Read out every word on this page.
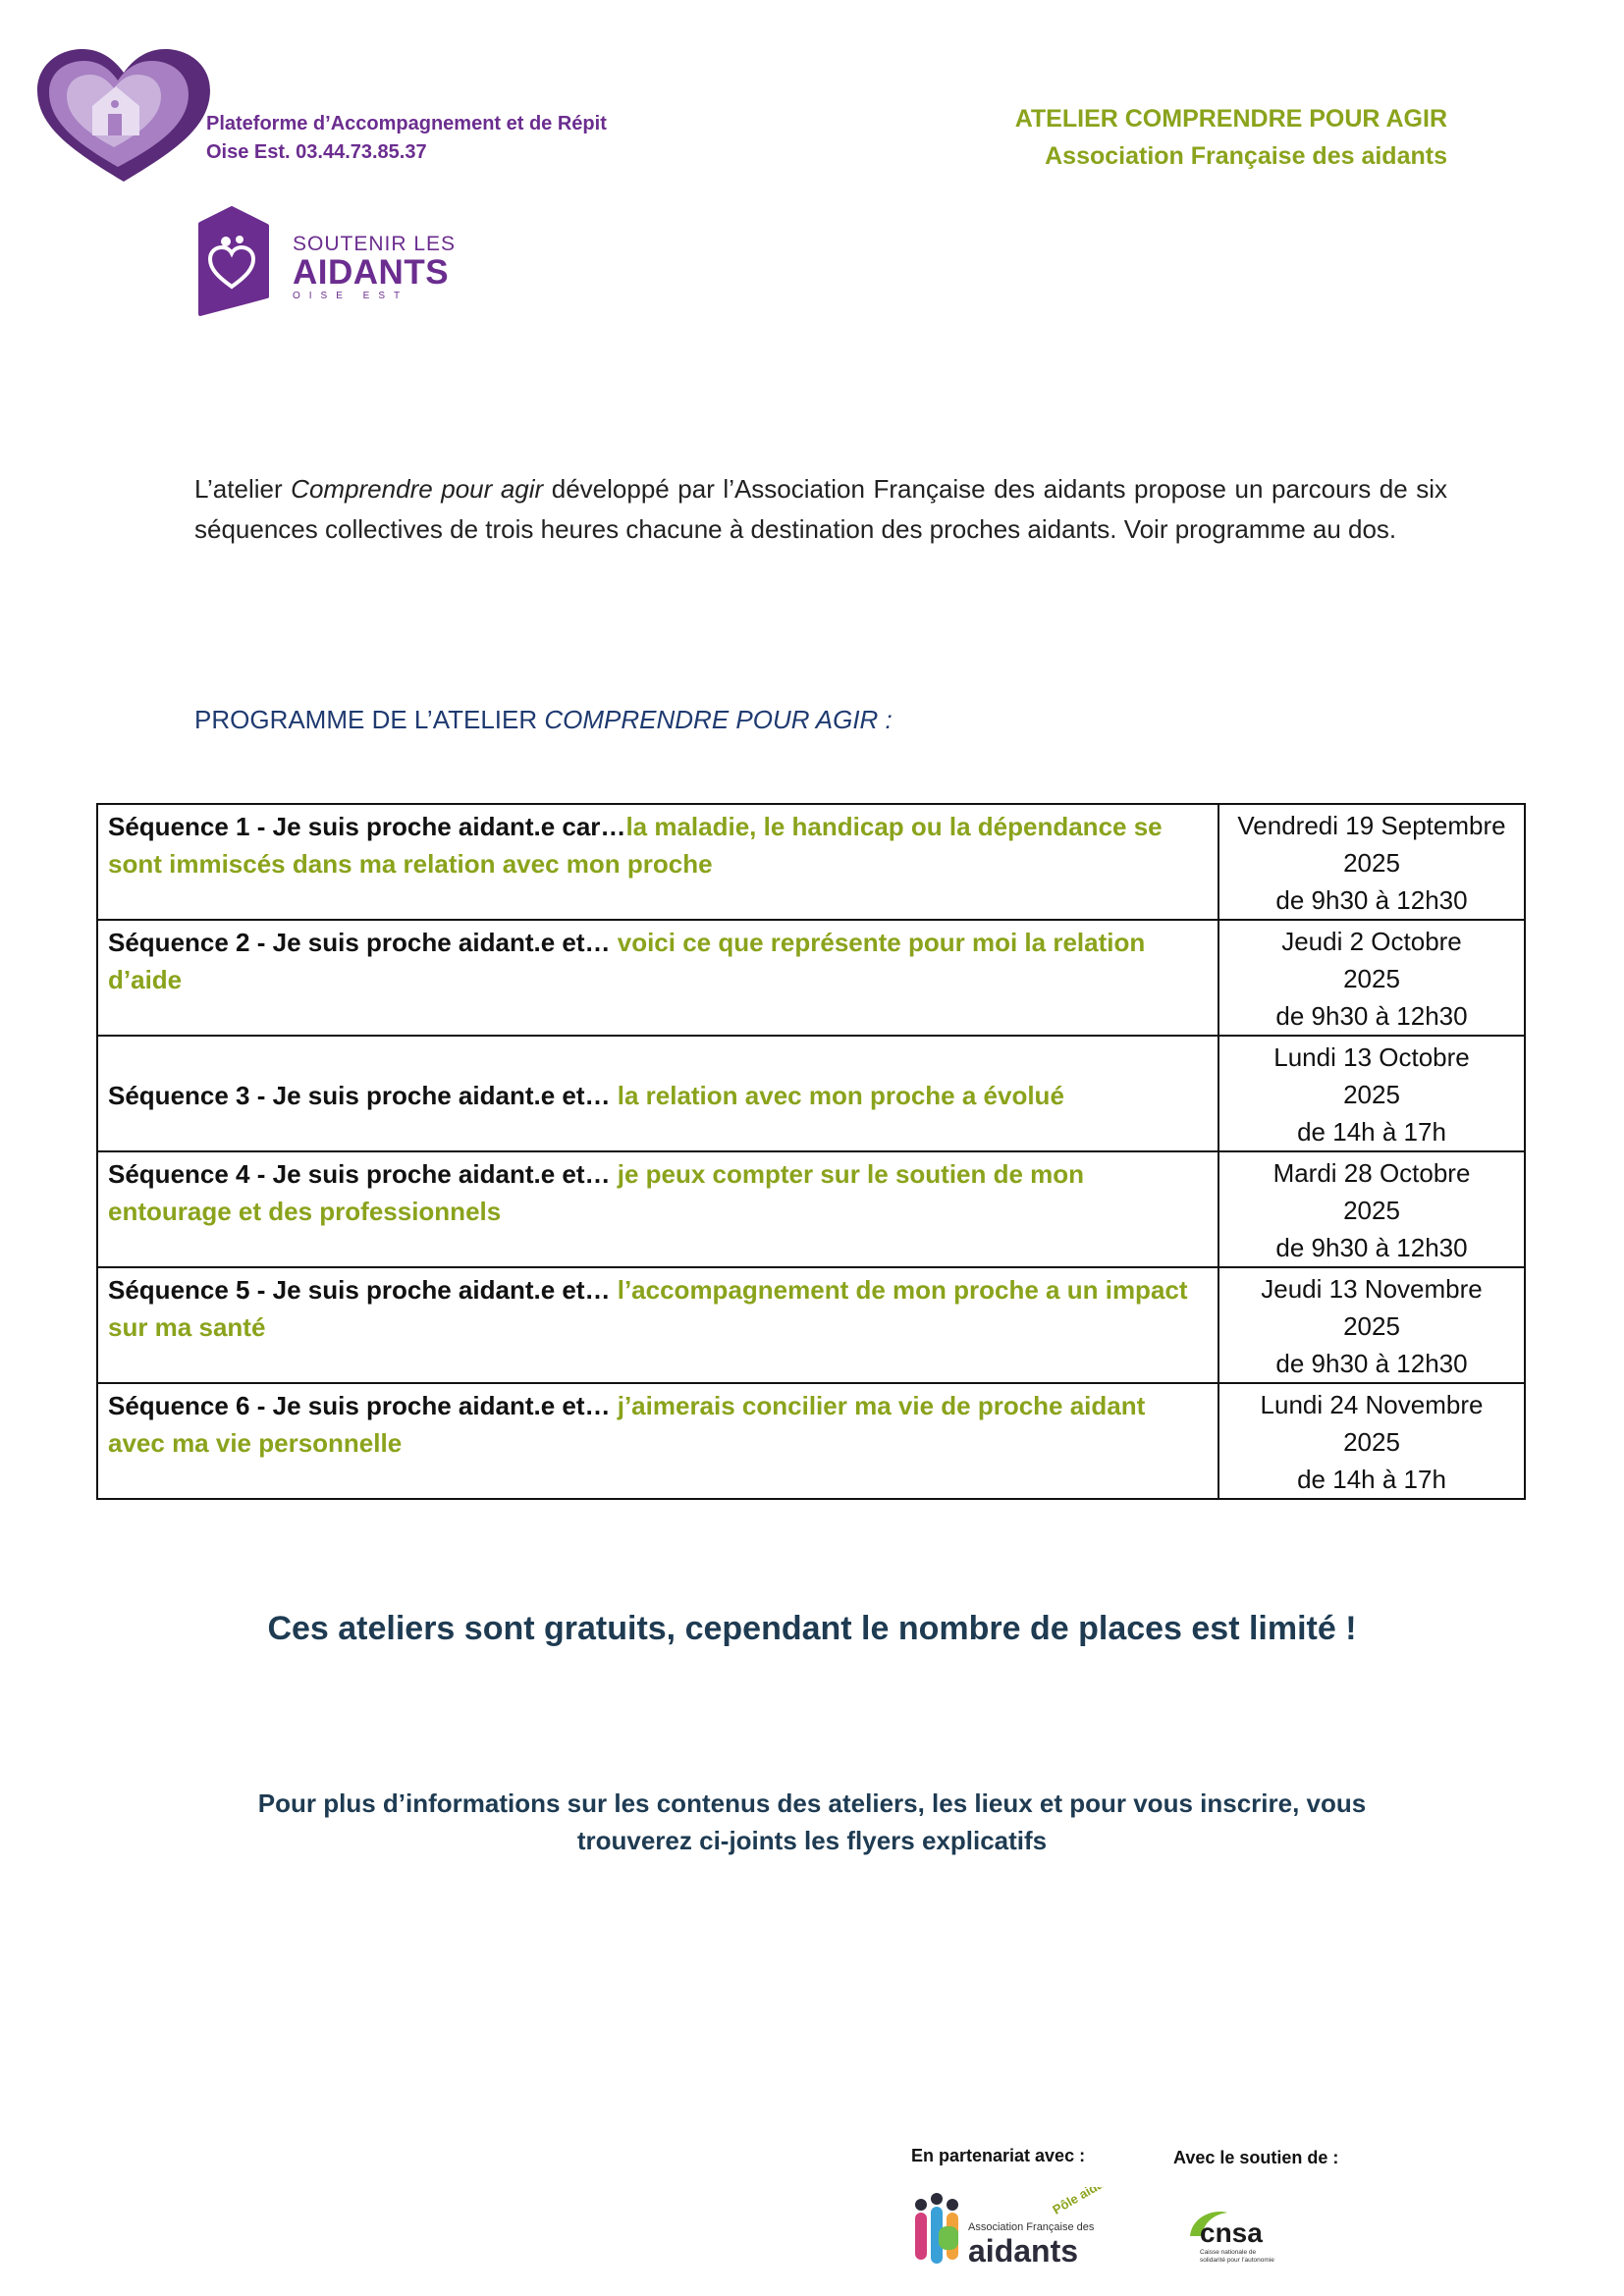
Plateforme d’Accompagnement et de Répit
Oise Est. 03.44.73.85.37
ATELIER COMPRENDRE POUR AGIR
Association Française des aidants
SOUTENIR LES
AIDANTS
OISE EST

L’atelier Comprendre pour agir développé par l’Association Française des aidants propose un parcours de six séquences collectives de trois heures chacune à destination des proches aidants. Voir programme au dos.

PROGRAMME DE L’ATELIER COMPRENDRE POUR AGIR :
Séquence 1 - Je suis proche aidant.e car…la maladie, le handicap ou la dépendance se sont immiscés dans ma relation avec mon proche	Vendredi 19 Septembre
2025
de 9h30 à 12h30

Séquence 2 - Je suis proche aidant.e et… voici ce que représente pour moi la relation d’aide	Jeudi 2 Octobre
2025
de 9h30 à 12h30

Séquence 3 - Je suis proche aidant.e et… la relation avec mon proche a évolué	Lundi 13 Octobre
2025
de 14h à 17h

Séquence 4 - Je suis proche aidant.e et… je peux compter sur le soutien de mon entourage et des professionnels	Mardi 28 Octobre
2025
de 9h30 à 12h30

Séquence 5 - Je suis proche aidant.e et… l’accompagnement de mon proche a un impact sur ma santé	Jeudi 13 Novembre
2025
de 9h30 à 12h30

Séquence 6 - Je suis proche aidant.e et… j’aimerais concilier ma vie de proche aidant avec ma vie personnelle	Lundi 24 Novembre
2025
de 14h à 17h
Ces ateliers sont gratuits, cependant le nombre de places est limité !
Pour plus d’informations sur les contenus des ateliers, les lieux et pour vous inscrire, vous
trouverez ci-joints les flyers explicatifs
En partenariat avec :	Avec le soutien de :
Association Française des
aidants
Pôle aidants
cnsa
Caisse nationale de
solidarité pour l’autonomie
